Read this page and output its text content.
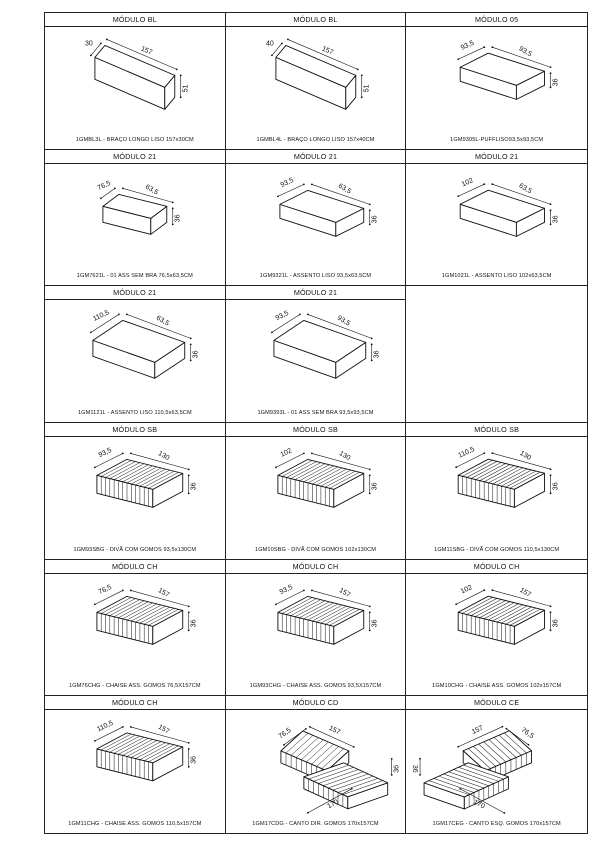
MÓDULO BL
157
30
51
1GMBL3L - BRAÇO LONGO LISO 157x30CM
MÓDULO BL
157
40
51
1GMBL4L - BRAÇO LONGO LISO 157x40CM
MÓDULO 05
93,5	93,5
36
1GM9305L-PUFFLISO93,5x93,5CM
MÓDULO 21
76,5	63,5
36
1GM7621L - 01 ASS SEM BRA 76,5x63,5CM
MÓDULO 21
93,5	63,5
36
1GM9321L - ASSENTO LISO 93,5x63,5CM
MÓDULO 21
102	63,5
36
1GM1021L - ASSENTO LISO 102x63,5CM
MÓDULO 21
110,5	63,5
36
1GM1121L - ASSENTO LISO 110,5x63,5CM
MÓDULO 21
93,5	93,5
36
1GM9393L - 01 ASS SEM BRA 93,5x93,5CM
MÓDULO SB
93,5	130
36
1GM93SBG - DIVÃ COM GOMOS 93,5x130CM
MÓDULO SB
102	130
36
1GM10SBG - DIVÃ COM GOMOS 102x130CM
MÓDULO SB
110,5	130
36
1GM11SBG - DIVÃ COM GOMOS 110,5x130CM
MÓDULO CH
76,5	157
36
1GM76CHG - CHAISE ASS. GOMOS 76,5X157CM
MÓDULO CH
93,5	157
36
1GM93CHG - CHAISE ASS. GOMOS 93,5X157CM
MÓDULO CH
102	157
36
1GM10CHG - CHAISE ASS. GOMOS 102x157CM
MÓDULO CH
110,5	157
36
1GM11CHG - CHAISE ASS. GOMOS 110,5x157CM
MÓDULO CD
76,5	157
170
36
1GM17CDG - CANTO DIR. GOMOS 170x157CM
MÓDULO CE
76,5
157
170
36
1GM17CEG - CANTO ESQ. GOMOS 170x157CM
